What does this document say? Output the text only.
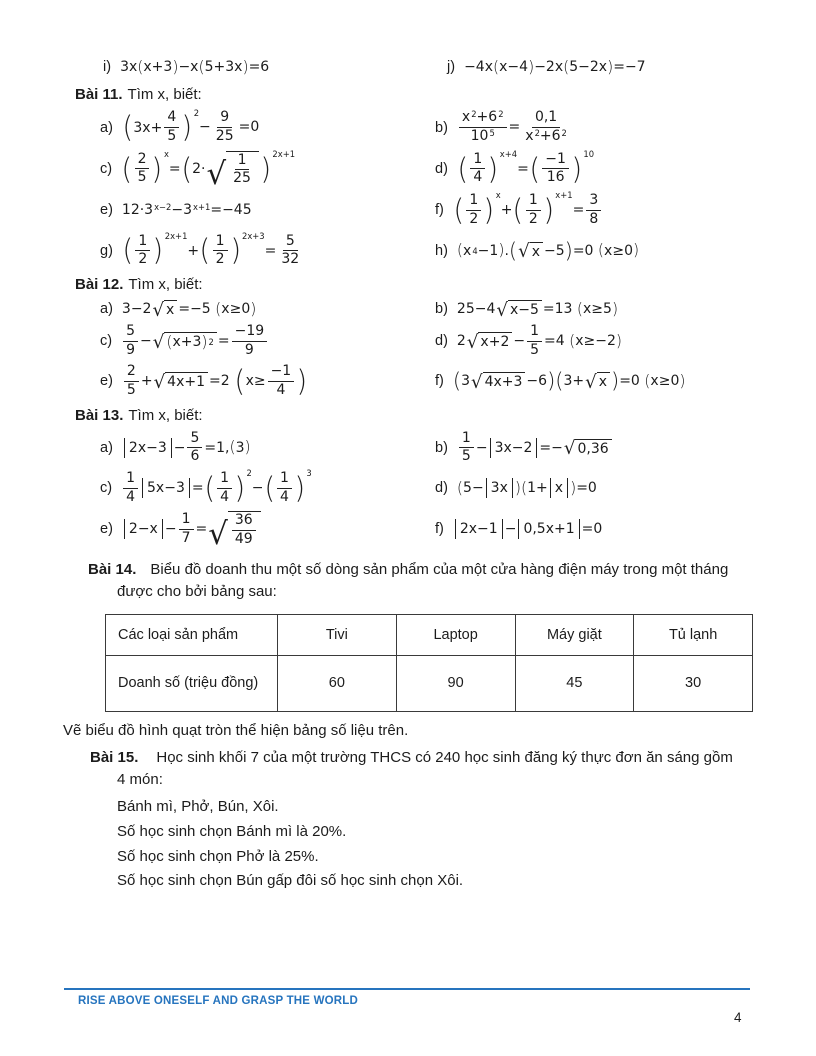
i) 3x ( x+3 ) −x ( 5+3x ) =6	j) −4x ( x−4 ) −2x ( 5−2x ) =−7
Bài 11. Tìm x, biết:
a) ( $3x+ \frac{4}{5}$ ) $^2- \frac{9}{25} =0$	$b) \frac{x^2+6^2}{10^5} = \frac{0,1}{x^2+6^2}$
c) ( $\frac{2}{5}$ ) $^x$= ( 2· √ $\frac{1}{25}$ ) $^{2x+1}$
d) ( $\frac{1}{4}$ ) $^{x+4}$= ( $\frac{-1}{16}$ ) $^{10}$
e) $12\cdot 3^{x-2}-3^{x+1}=-45$	f) ( $\frac{1}{2}$ ) $^x$+ ( $\frac{1}{2}$ ) $^{x+1}= \frac{3}{8}$
g) ( $\frac{1}{2}$ ) $^{2x+1}$+ ( $\frac{1}{2}$ ) $^{2x+3}= \frac{5}{32}$	h) ( x 4 −1 ) . ( √ x −5 ) =0 ( x≥0 )
Bài 12. Tìm x, biết:
a) 3−2 √ x =−5 ( x≥0 )	b) 25−4 √ x−5 =13 ( x≥5 )
$c) \frac{5}{9}$ − √ ( x+3 ) $2 = \frac{-19}{9}$	d) 2 √ $x+2 - \frac{1}{5} =4$ ( x≥−2 )
$e) \frac{2}{5}$ + √ 4x+1 =2 ( $x\ge \frac{-1}{4}$ )	f) ( 3 √ 4x+3 −6 ) ( 3+ √ x ) =0 ( x≥0 )
Bài 13. Tìm x, biết:
a)	$2x-3 - \frac{5}{6} =1$, ( 3 )	$b) \frac{1}{5} - 3x-2$ =− √ 0,36
$c) \frac{1}{4} 5x-3$ = ( $\frac{1}{4}$ ) $^2$− ( $\frac{1}{4}$ ) $^3$
d) ( 5− 3x ) ( 1+ x ) =0
e)	$2-x - \frac{1}{7}$ = √ $\frac{36}{49}$	f)	2x−1 − 0,5x+1 =0

Bài 14. Biểu đồ doanh thu một số dòng sản phẩm của một cửa hàng điện máy trong một tháng được cho bởi bảng sau:

Các loại sản phẩm	Tivi	Laptop	Máy giặt	Tủ lạnh
Doanh số (triệu đồng)	60	90	45	30

Vẽ biểu đồ hình quạt tròn thể hiện bảng số liệu trên.

Bài 15. Học sinh khối 7 của một trường THCS có 240 học sinh đăng ký thực đơn ăn sáng gồm 4 món:

Bánh mì, Phở, Bún, Xôi.

Số học sinh chọn Bánh mì là 20%.

Số học sinh chọn Phở là 25%.

Số học sinh chọn Bún gấp đôi số học sinh chọn Xôi.

RISE ABOVE ONESELF AND GRASP THE WORLD
4
